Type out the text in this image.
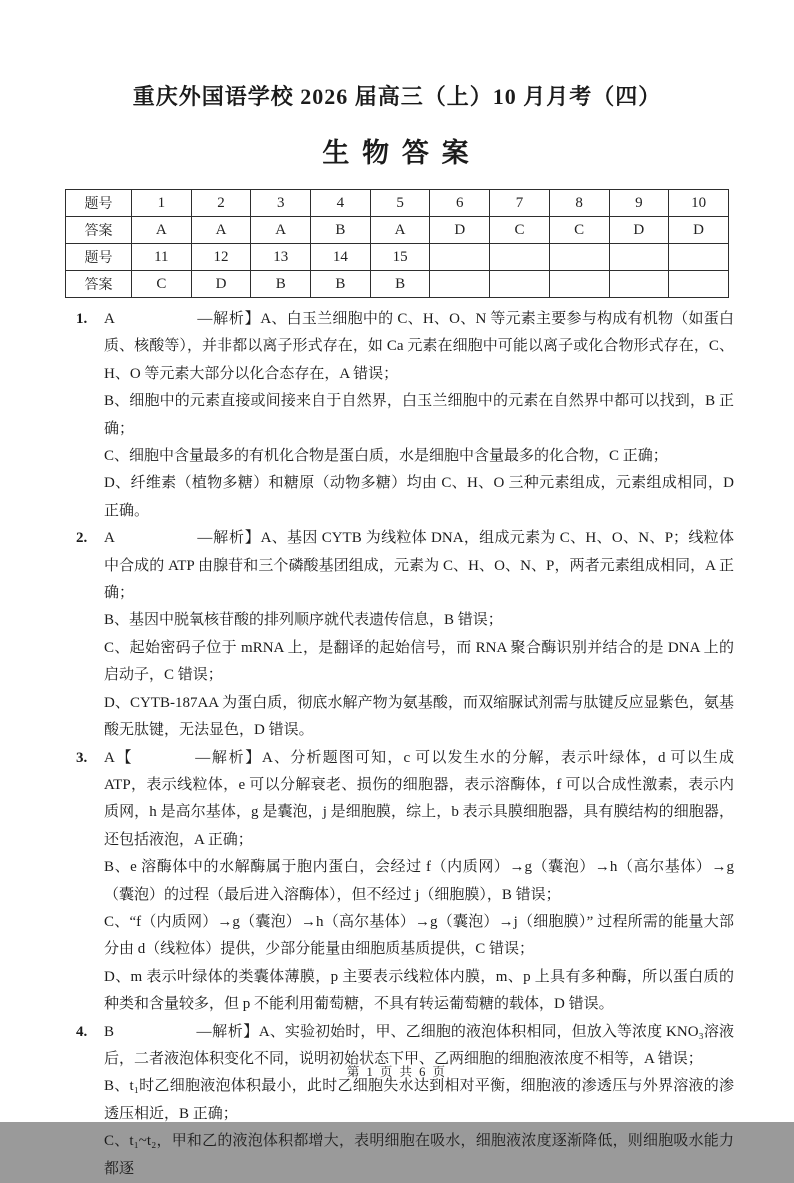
重庆外国语学校 2026 届高三（上）10 月月考（四）
生 物 答 案
题号	1	2	3	4	5	6	7	8	9	10
答案	A	A	A	B	A	D	C	C	D	D
题号	11	12	13	14	15					
答案	C	D	B	B	B					
1. A	—解析】A、白玉兰细胞中的 C、H、O、N 等元素主要参与构成有机物（如蛋白质、核酸等），并非都以离子形式存在，如 Ca 元素在细胞中可能以离子或化合物形式存在，C、H、O 等元素大部分以化合态存在，A 错误；

B、细胞中的元素直接或间接来自于自然界，白玉兰细胞中的元素在自然界中都可以找到，B 正确；

C、细胞中含量最多的有机化合物是蛋白质，水是细胞中含量最多的化合物，C 正确；

D、纤维素（植物多糖）和糖原（动物多糖）均由 C、H、O 三种元素组成，元素组成相同，D 正确。

2. A	—解析】A、基因 CYTB 为线粒体 DNA，组成元素为 C、H、O、N、P；线粒体中合成的 ATP 由腺苷和三个磷酸基团组成，元素为 C、H、O、N、P，两者元素组成相同，A 正确；

B、基因中脱氧核苷酸的排列顺序就代表遗传信息，B 错误；

C、起始密码子位于 mRNA 上，是翻译的起始信号，而 RNA 聚合酶识别并结合的是 DNA 上的启动子，C 错误；

D、CYTB-187AA 为蛋白质，彻底水解产物为氨基酸，而双缩脲试剂需与肽键反应显紫色，氨基酸无肽键，无法显色，D 错误。

3. A【	—解析】A、分析题图可知，c 可以发生水的分解，表示叶绿体，d 可以生成 ATP，表示线粒体，e 可以分解衰老、损伤的细胞器，表示溶酶体，f 可以合成性激素，表示内质网，h 是高尔基体，g 是囊泡，j 是细胞膜，综上，b 表示具膜细胞器，具有膜结构的细胞器，还包括液泡，A 正确；

B、e 溶酶体中的水解酶属于胞内蛋白，会经过 f（内质网）→g（囊泡）→h（高尔基体）→g（囊泡）的过程（最后进入溶酶体），但不经过 j（细胞膜），B 错误；

C、“f（内质网）→g（囊泡）→h（高尔基体）→g（囊泡）→j（细胞膜）” 过程所需的能量大部分由 d（线粒体）提供，少部分能量由细胞质基质提供，C 错误；

D、m 表示叶绿体的类囊体薄膜，p 主要表示线粒体内膜，m、p 上具有多种酶，所以蛋白质的种类和含量较多，但 p 不能利用葡萄糖，不具有转运葡萄糖的载体，D 错误。

4. B	—解析】A、实验初始时，甲、乙细胞的液泡体积相同，但放入等浓度 KNO₃溶液后，二者液泡体积变化不同，说明初始状态下甲、乙两细胞的细胞液浓度不相等，A 错误；

B、t₁时乙细胞液泡体积最小，此时乙细胞失水达到相对平衡，细胞液的渗透压与外界溶液的渗透压相近，B 正确；

C、t₁~t₂，甲和乙的液泡体积都增大，表明细胞在吸水，细胞液浓度逐渐降低，则细胞吸水能力都逐

第 1 页 共 6 页
